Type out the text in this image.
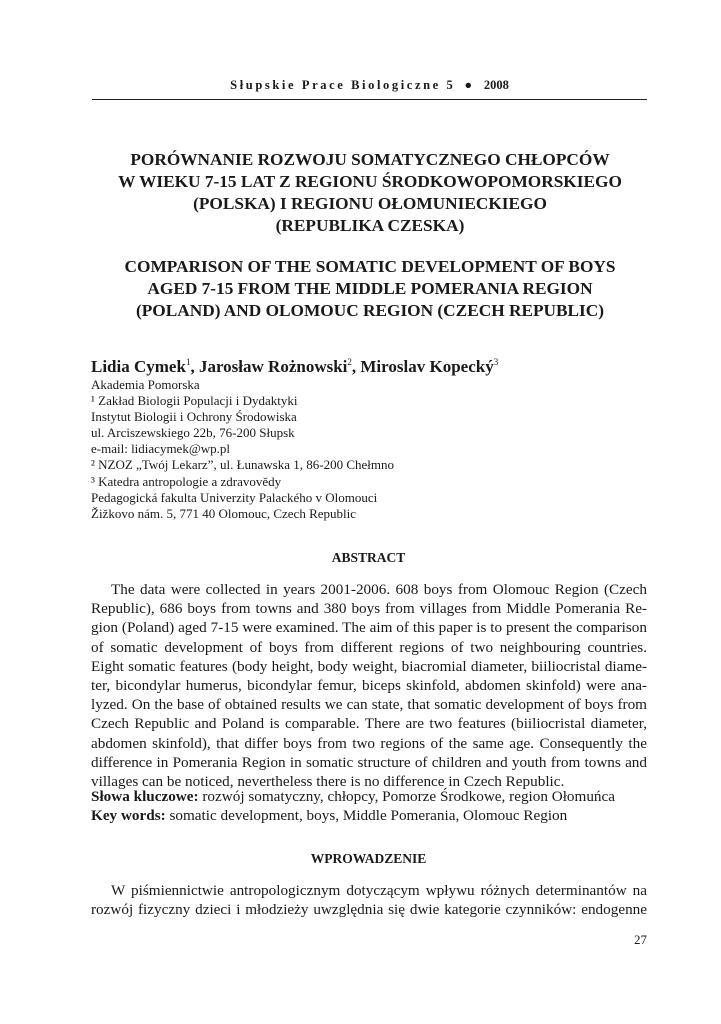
Słupskie Prace Biologiczne 5 ● 2008
PORÓWNANIE ROZWOJU SOMATYCZNEGO CHŁOPCÓW
W WIEKU 7-15 LAT Z REGIONU ŚRODKOWOPOMORSKIEGO
(POLSKA) I REGIONU OŁOMUNIECKIEGO
(REPUBLIKA CZESKA)
COMPARISON OF THE SOMATIC DEVELOPMENT OF BOYS
AGED 7-15 FROM THE MIDDLE POMERANIA REGION
(POLAND) AND OLOMOUC REGION (CZECH REPUBLIC)
Lidia Cymek$^1$, Jarosław Rożnowski$^2$, Miroslav Kopecký$^3$
Akademia Pomorska
¹ Zakład Biologii Populacji i Dydaktyki
Instytut Biologii i Ochrony Środowiska
ul. Arciszewskiego 22b, 76-200 Słupsk
e-mail: lidiacymek@wp.pl
² NZOZ „Twój Lekarz”, ul. Łunawska 1, 86-200 Chełmno
³ Katedra antropologie a zdravovědy
Pedagogická fakulta Univerzity Palackého v Olomouci
Žižkovo nám. 5, 771 40 Olomouc, Czech Republic
ABSTRACT
The data were collected in years 2001-2006. 608 boys from Olomouc Region (Czech
Republic), 686 boys from towns and 380 boys from villages from Middle Pomerania Re-
gion (Poland) aged 7-15 were examined. The aim of this paper is to present the comparison
of somatic development of boys from different regions of two neighbouring countries.
Eight somatic features (body height, body weight, biacromial diameter, biiliocristal diame-
ter, bicondylar humerus, bicondylar femur, biceps skinfold, abdomen skinfold) were ana-
lyzed. On the base of obtained results we can state, that somatic development of boys from
Czech Republic and Poland is comparable. There are two features (biiliocristal diameter,
abdomen skinfold), that differ boys from two regions of the same age. Consequently the
difference in Pomerania Region in somatic structure of children and youth from towns and
villages can be noticed, nevertheless there is no difference in Czech Republic.
Słowa kluczowe: rozwój somatyczny, chłopcy, Pomorze Środkowe, region Ołomuńca
Key words: somatic development, boys, Middle Pomerania, Olomouc Region
WPROWADZENIE
W piśmiennictwie antropologicznym dotyczącym wpływu różnych determinantów na
rozwój fizyczny dzieci i młodzieży uwzględnia się dwie kategorie czynników: endogenne
27
